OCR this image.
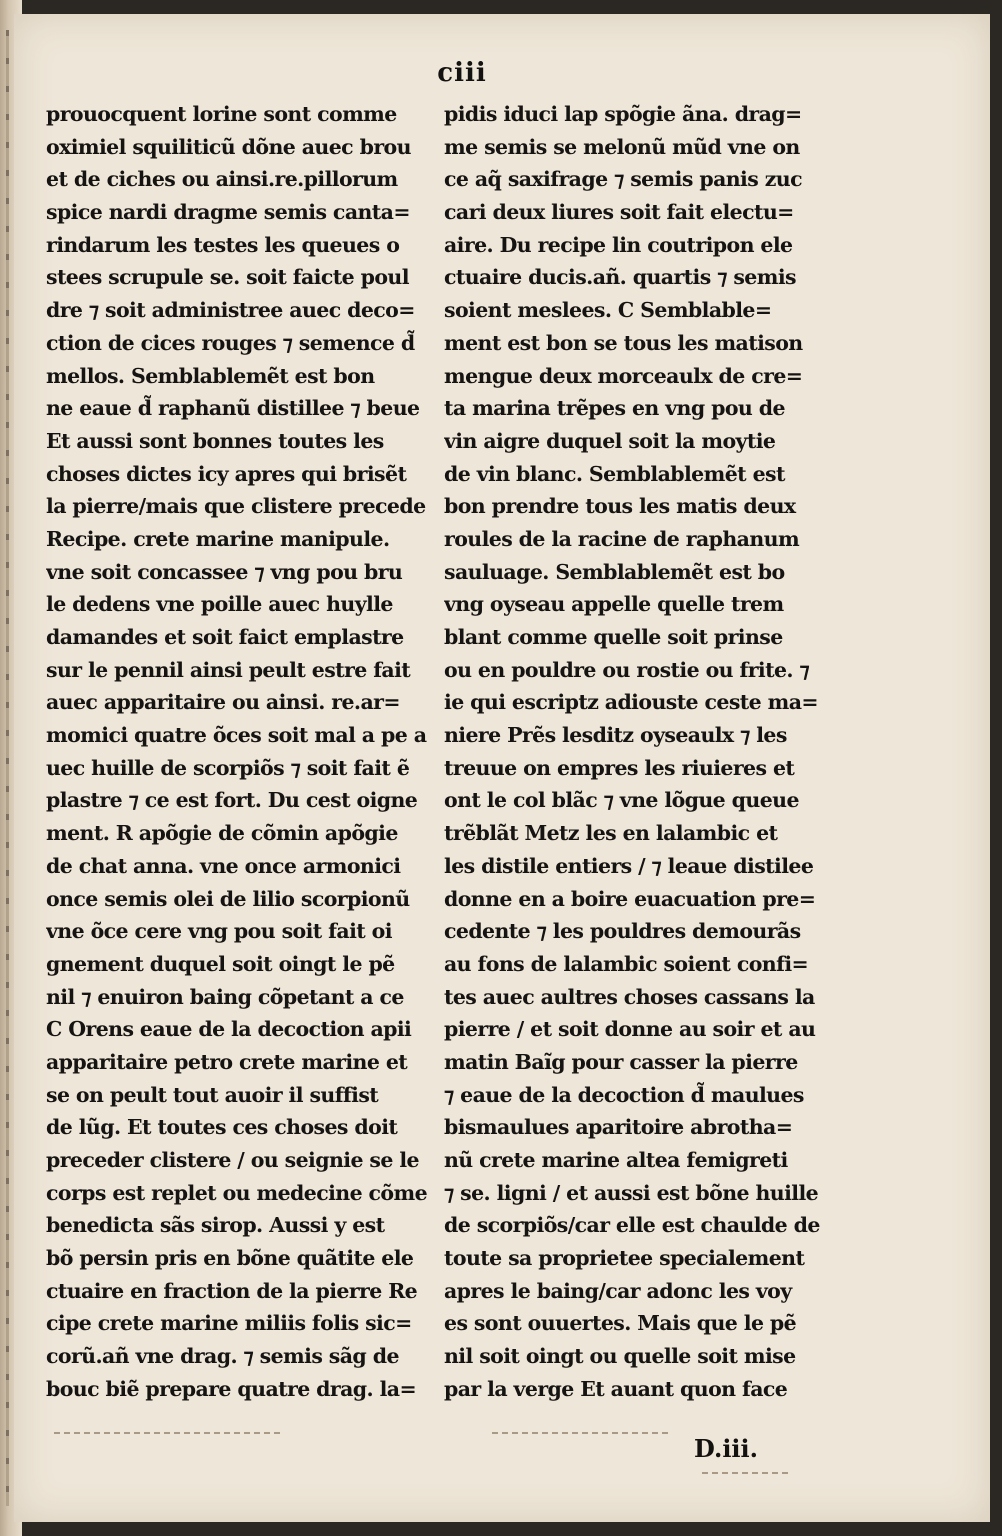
ciii
prouocquent lorine sont comme
oximiel squiliticũ dõne auec brou
et de ciches ou ainsi.re.pillorum
spice nardi dragme semis canta=
rindarum les testes les queues o
stees scrupule se. soit faicte poul
dre ⁊ soit administree auec deco=
ction de cices rouges ⁊ semence d̃
mellos. Semblablemẽt est bon
ne eaue d̃ raphanũ distillee ⁊ beue
Et aussi sont bonnes toutes les
choses dictes icy apres qui brisẽt
la pierre/mais que clistere precede
Recipe. crete marine manipule.
vne soit concassee ⁊ vng pou bru
le dedens vne poille auec huylle
damandes et soit faict emplastre
sur le pennil ainsi peult estre fait
auec apparitaire ou ainsi. re.ar=
momici quatre õces soit mal a pe a
uec huille de scorpiõs ⁊ soit fait ẽ
plastre ⁊ ce est fort. Du cest oigne
ment. R apõgie de cõmin apõgie
de chat anna. vne once armonici
once semis olei de lilio scorpionũ
vne õce cere vng pou soit fait oi
gnement duquel soit oingt le pẽ
nil ⁊ enuiron baing cõpetant a ce
C Orens eaue de la decoction apii
apparitaire petro crete marine et
se on peult tout auoir il suffist
de lũg. Et toutes ces choses doit
preceder clistere / ou seignie se le
corps est replet ou medecine cõme
benedicta sãs sirop. Aussi y est
bõ persin pris en bõne quãtite ele
ctuaire en fraction de la pierre Re
cipe crete marine miliis folis sic=
corũ.añ vne drag. ⁊ semis sãg de
bouc biẽ prepare quatre drag. la=
pidis iduci lap spõgie ãna. drag=
me semis se melonũ mũd vne on
ce aq̃ saxifrage ⁊ semis panis zuc
cari deux liures soit fait electu=
aire. Du recipe lin coutripon ele
ctuaire ducis.añ. quartis ⁊ semis
soient meslees. C Semblable=
ment est bon se tous les matison
mengue deux morceaulx de cre=
ta marina trẽpes en vng pou de
vin aigre duquel soit la moytie
de vin blanc. Semblablemẽt est
bon prendre tous les matis deux
roules de la racine de raphanum
sauluage. Semblablemẽt est bo
vng oyseau appelle quelle trem
blant comme quelle soit prinse
ou en pouldre ou rostie ou frite. ⁊
ie qui escriptz adiouste ceste ma=
niere Prẽs lesditz oyseaulx ⁊ les
treuue on empres les riuieres et
ont le col blãc ⁊ vne lõgue queue
trẽblãt Metz les en lalambic et
les distile entiers / ⁊ leaue distilee
donne en a boire euacuation pre=
cedente ⁊ les pouldres demourãs
au fons de lalambic soient confi=
tes auec aultres choses cassans la
pierre / et soit donne au soir et au
matin Baĩg pour casser la pierre
⁊ eaue de la decoction d̃ maulues
bismaulues aparitoire abrotha=
nũ crete marine altea femigreti
⁊ se. ligni / et aussi est bõne huille
de scorpiõs/car elle est chaulde de
toute sa proprietee specialement
apres le baing/car adonc les voy
es sont ouuertes. Mais que le pẽ
nil soit oingt ou quelle soit mise
par la verge Et auant quon face
D.iii.
